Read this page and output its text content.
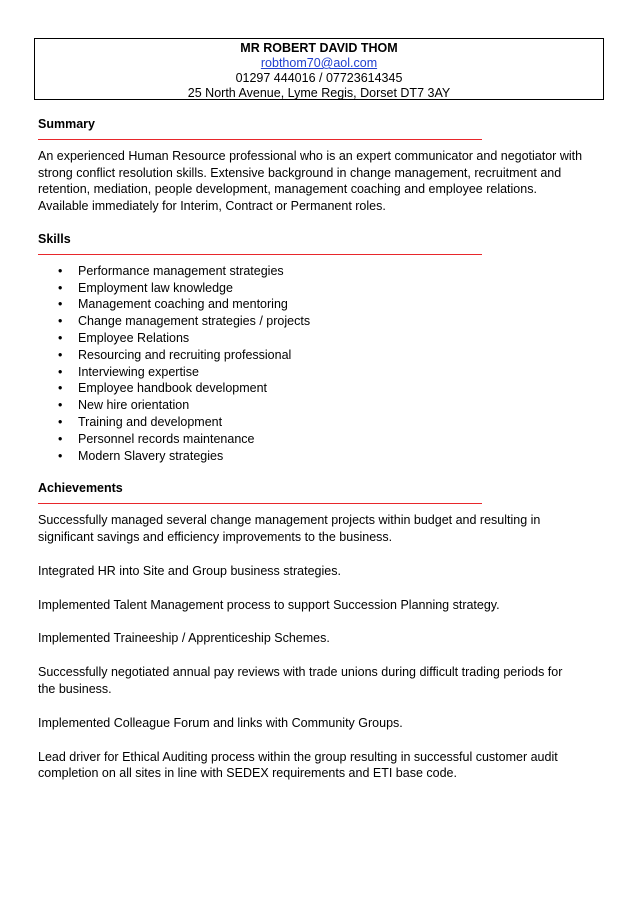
MR ROBERT DAVID THOM
robthom70@aol.com
01297 444016 / 07723614345
25 North Avenue, Lyme Regis, Dorset DT7 3AY
Summary
An experienced Human Resource professional who is an expert communicator and negotiator with
strong conflict resolution skills. Extensive background in change management, recruitment and
retention, mediation, people development, management coaching and employee relations.
Available immediately for Interim, Contract or Permanent roles.
Skills
• Performance management strategies
• Employment law knowledge
• Management coaching and mentoring
• Change management strategies / projects
• Employee Relations
• Resourcing and recruiting professional
• Interviewing expertise
• Employee handbook development
• New hire orientation
• Training and development
• Personnel records maintenance
• Modern Slavery strategies
Achievements
Successfully managed several change management projects within budget and resulting in
significant savings and efficiency improvements to the business.
Integrated HR into Site and Group business strategies.
Implemented Talent Management process to support Succession Planning strategy.
Implemented Traineeship / Apprenticeship Schemes.
Successfully negotiated annual pay reviews with trade unions during difficult trading periods for
the business.
Implemented Colleague Forum and links with Community Groups.
Lead driver for Ethical Auditing process within the group resulting in successful customer audit
completion on all sites in line with SEDEX requirements and ETI base code.
